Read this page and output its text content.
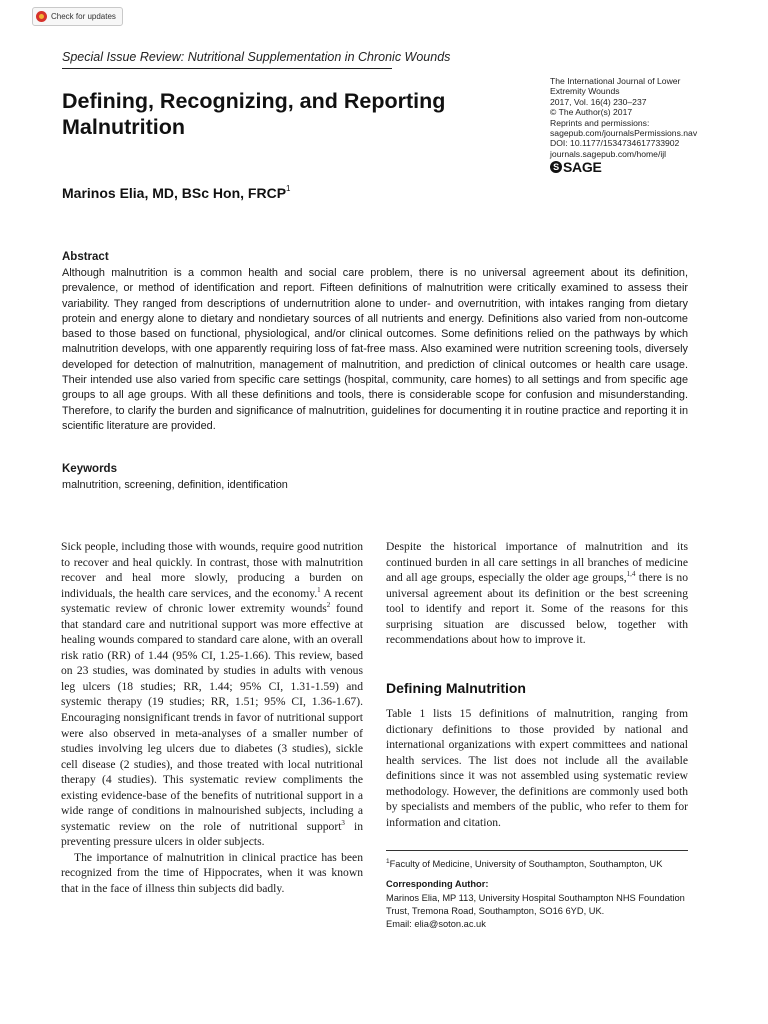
Check for updates
Special Issue Review: Nutritional Supplementation in Chronic Wounds
Defining, Recognizing, and Reporting Malnutrition
The International Journal of Lower
Extremity Wounds
2017, Vol. 16(4) 230–237
© The Author(s) 2017
Reprints and permissions:
sagepub.com/journalsPermissions.nav
DOI: 10.1177/1534734617733902
journals.sagepub.com/home/ijl
S SAGE
Marinos Elia, MD, BSc Hon, FRCP$^1$
Abstract

Although malnutrition is a common health and social care problem, there is no universal agreement about its definition, prevalence, or method of identification and report. Fifteen definitions of malnutrition were critically examined to assess their variability. They ranged from descriptions of undernutrition alone to under- and overnutrition, with intakes ranging from dietary protein and energy alone to dietary and nondietary sources of all nutrients and energy. Definitions also varied from non-outcome based to those based on functional, physiological, and/or clinical outcomes. Some definitions relied on the pathways by which malnutrition develops, with one apparently requiring loss of fat-free mass. Also examined were nutrition screening tools, diversely developed for detection of malnutrition, management of malnutrition, and prediction of clinical outcomes or health care usage. Their intended use also varied from specific care settings (hospital, community, care homes) to all settings and from specific age groups to all age groups. With all these definitions and tools, there is considerable scope for confusion and misunderstanding. Therefore, to clarify the burden and significance of malnutrition, guidelines for documenting it in routine practice and reporting it in scientific literature are provided.

Keywords
malnutrition, screening, definition, identification

Sick people, including those with wounds, require good nutrition to recover and heal quickly. In contrast, those with malnutrition recover and heal more slowly, producing a burden on individuals, the health care services, and the economy.$^1$ A recent systematic review of chronic lower extremity wounds$^2$ found that standard care and nutritional support was more effective at healing wounds compared to standard care alone, with an overall risk ratio (RR) of 1.44 (95% CI, 1.25-1.66). This review, based on 23 studies, was dominated by studies in adults with venous leg ulcers (18 studies; RR, 1.44; 95% CI, 1.31-1.59) and systemic therapy (19 studies; RR, 1.51; 95% CI, 1.36-1.67). Encouraging nonsignificant trends in favor of nutritional support were also observed in meta-analyses of a smaller number of studies involving leg ulcers due to diabetes (3 studies), sickle cell disease (2 studies), and those treated with local nutritional therapy (4 studies). This systematic review compliments the existing evidence-base of the benefits of nutritional support in a wide range of conditions in malnourished subjects, including a systematic review on the role of nutritional support$^3$ in preventing pressure ulcers in older subjects.

The importance of malnutrition in clinical practice has been recognized from the time of Hippocrates, when it was known that in the face of illness thin subjects did badly.

Despite the historical importance of malnutrition and its continued burden in all care settings in all branches of medicine and all age groups, especially the older age groups,$^{1,4}$ there is no universal agreement about its definition or the best screening tool to identify and report it. Some of the reasons for this surprising situation are discussed below, together with recommendations about how to improve it.

Defining Malnutrition

Table 1 lists 15 definitions of malnutrition, ranging from dictionary definitions to those provided by national and international organizations with expert committees and national health services. The list does not include all the available definitions since it was not assembled using systematic review methodology. However, the definitions are commonly used both by specialists and members of the public, who refer to them for information and citation.

$^1$Faculty of Medicine, University of Southampton, Southampton, UK
Corresponding Author:
Marinos Elia, MP 113, University Hospital Southampton NHS Foundation
Trust, Tremona Road, Southampton, SO16 6YD, UK.
Email: elia@soton.ac.uk
